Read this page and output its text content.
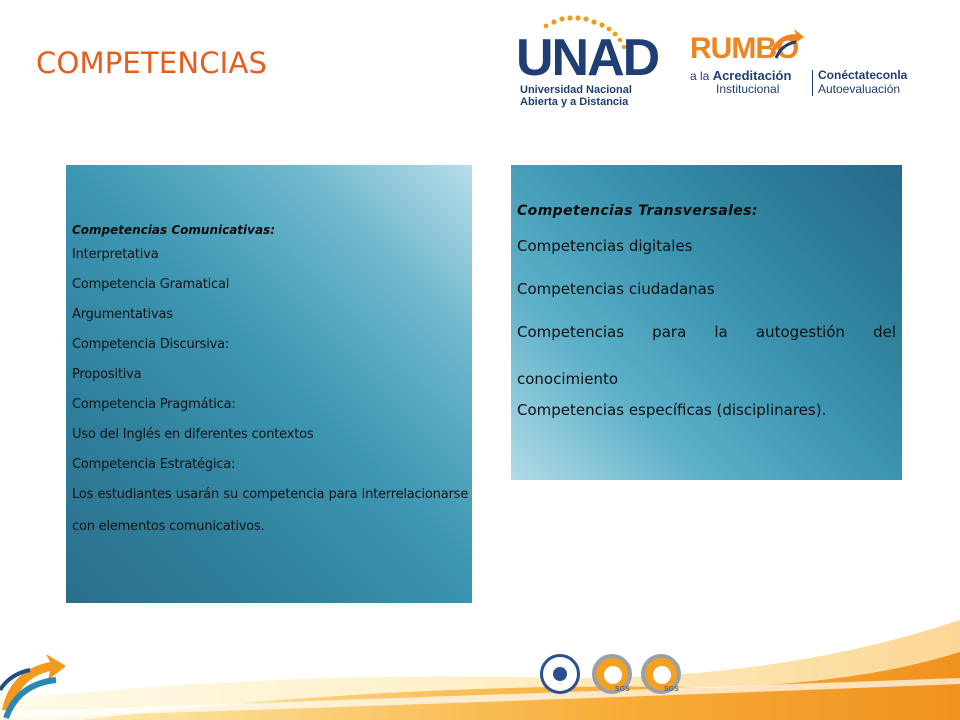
COMPETENCIAS	UNAD
Universidad Nacional
Abierta y a Distancia
RUMBO
a la Acreditación
Institucional
Conéctateconla
Autoevaluación
Competencias Comunicativas:
Interpretativa
Competencia Gramatical
Argumentativas
Competencia Discursiva:
Propositiva
Competencia Pragmática:
Uso del Inglés en diferentes contextos
Competencia Estratégica:
Los estudiantes usarán su competencia para interrelacionarse con elementos comunicativos.
Competencias Transversales:
Competencias digitales
Competencias ciudadanas
Competencias para la autogestión del conocimiento
Competencias específicas (disciplinares).
SGS	SGS
